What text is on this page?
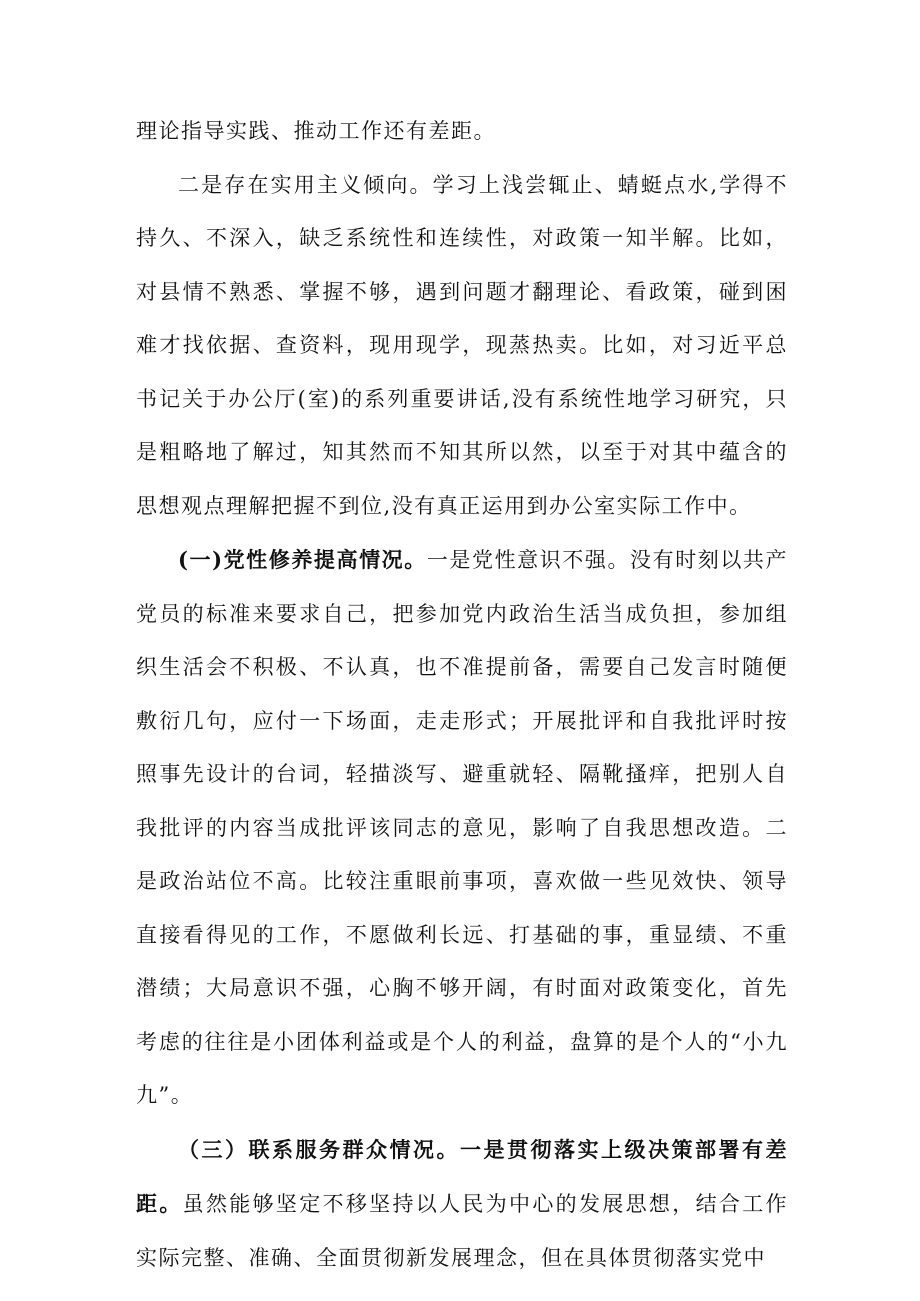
理论指导实践、推动工作还有差距。

二是存在实用主义倾向。学习上浅尝辄止、蜻蜓点水,学得不持久、不深入，缺乏系统性和连续性，对政策一知半解。比如，对县情不熟悉、掌握不够，遇到问题才翻理论、看政策，碰到困难才找依据、查资料，现用现学，现蒸热卖。比如，对习近平总书记关于办公厅(室)的系列重要讲话,没有系统性地学习研究，只是粗略地了解过，知其然而不知其所以然，以至于对其中蕴含的思想观点理解把握不到位,没有真正运用到办公室实际工作中。

(一)党性修养提高情况。一是党性意识不强。没有时刻以共产党员的标准来要求自己，把参加党内政治生活当成负担，参加组织生活会不积极、不认真，也不准提前备，需要自己发言时随便敷衍几句，应付一下场面，走走形式；开展批评和自我批评时按照事先设计的台词，轻描淡写、避重就轻、隔靴搔痒，把别人自我批评的内容当成批评该同志的意见，影响了自我思想改造。二是政治站位不高。比较注重眼前事项，喜欢做一些见效快、领导直接看得见的工作，不愿做利长远、打基础的事，重显绩、不重潜绩；大局意识不强，心胸不够开阔，有时面对政策变化，首先考虑的往往是小团体利益或是个人的利益，盘算的是个人的“小九九”。

（三）联系服务群众情况。一是贯彻落实上级决策部署有差距。虽然能够坚定不移坚持以人民为中心的发展思想，结合工作实际完整、准确、全面贯彻新发展理念，但在具体贯彻落实党中
